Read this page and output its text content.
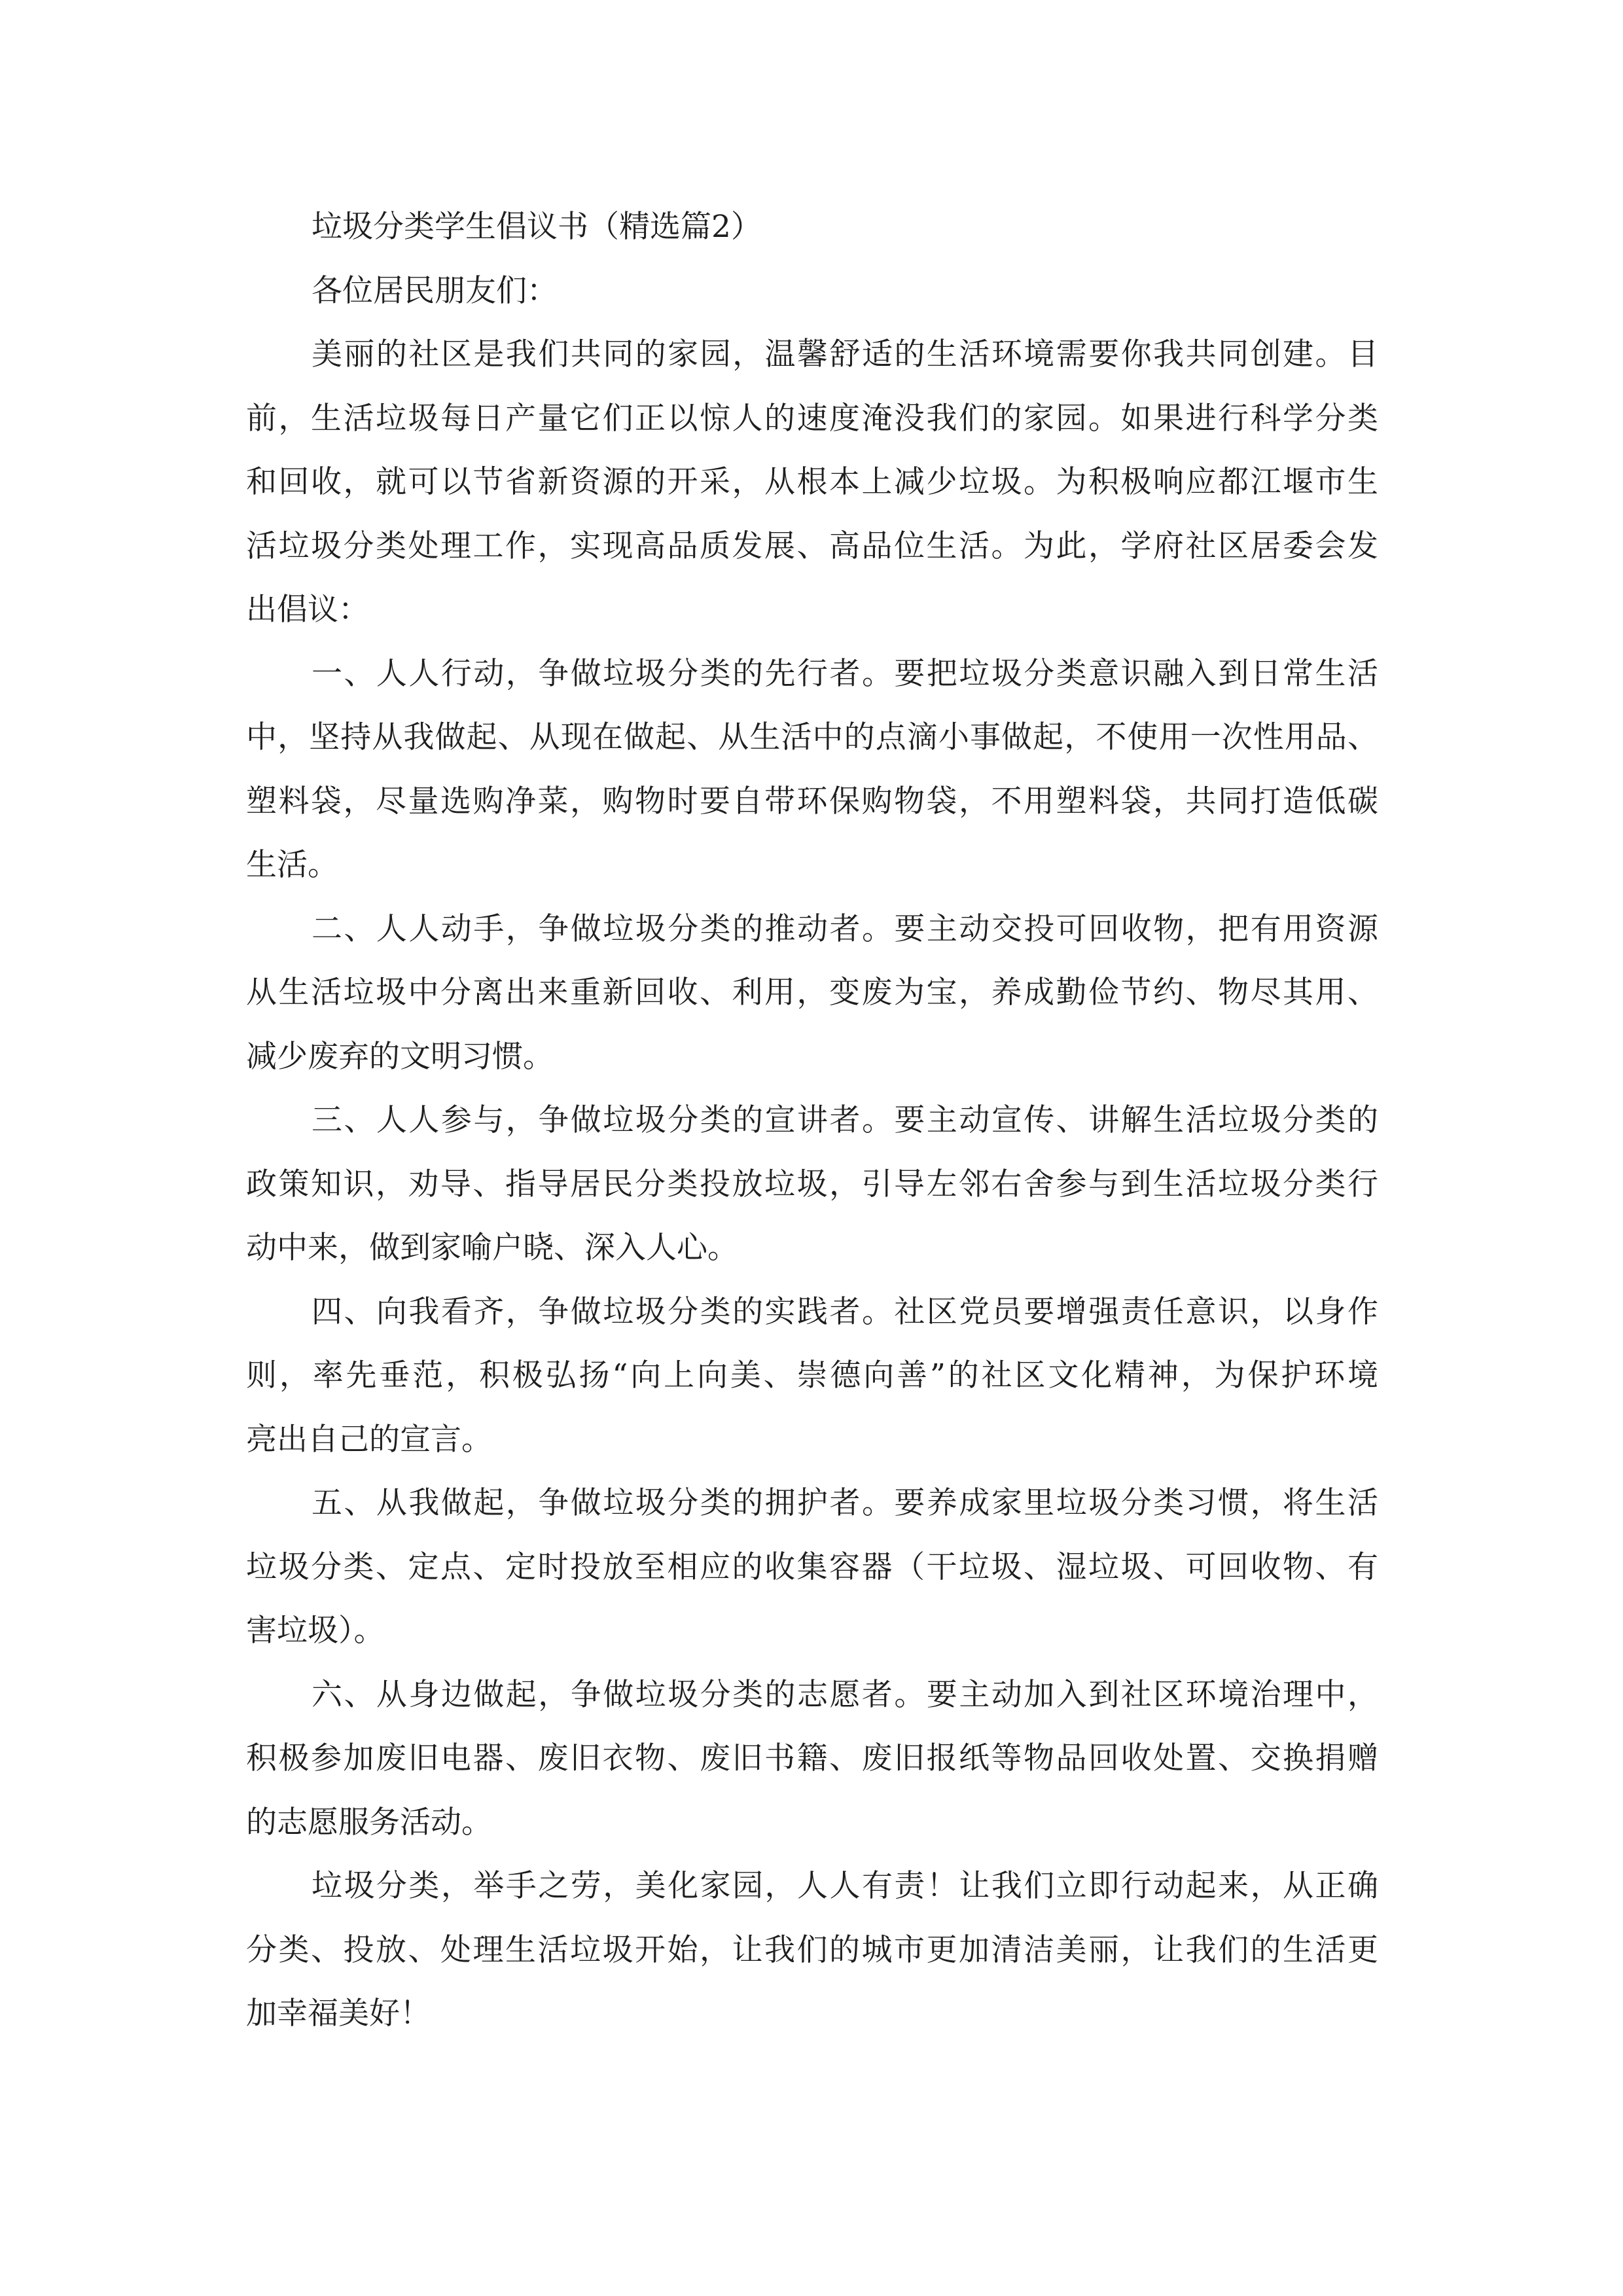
垃圾分类学生倡议书（精选篇2）
各位居民朋友们：
美丽的社区是我们共同的家园，温馨舒适的生活环境需要你我共同创建。目
前，生活垃圾每日产量它们正以惊人的速度淹没我们的家园。如果进行科学分类
和回收，就可以节省新资源的开采，从根本上减少垃圾。为积极响应都江堰市生
活垃圾分类处理工作，实现高品质发展、高品位生活。为此，学府社区居委会发
出倡议：
一、人人行动，争做垃圾分类的先行者。要把垃圾分类意识融入到日常生活
中，坚持从我做起、从现在做起、从生活中的点滴小事做起，不使用一次性用品、
塑料袋，尽量选购净菜，购物时要自带环保购物袋，不用塑料袋，共同打造低碳
生活。
二、人人动手，争做垃圾分类的推动者。要主动交投可回收物，把有用资源
从生活垃圾中分离出来重新回收、利用，变废为宝，养成勤俭节约、物尽其用、
减少废弃的文明习惯。
三、人人参与，争做垃圾分类的宣讲者。要主动宣传、讲解生活垃圾分类的
政策知识，劝导、指导居民分类投放垃圾，引导左邻右舍参与到生活垃圾分类行
动中来，做到家喻户晓、深入人心。
四、向我看齐，争做垃圾分类的实践者。社区党员要增强责任意识，以身作
则，率先垂范，积极弘扬“向上向美、崇德向善”的社区文化精神，为保护环境
亮出自己的宣言。
五、从我做起，争做垃圾分类的拥护者。要养成家里垃圾分类习惯，将生活
垃圾分类、定点、定时投放至相应的收集容器（干垃圾、湿垃圾、可回收物、有
害垃圾）。
六、从身边做起，争做垃圾分类的志愿者。要主动加入到社区环境治理中，
积极参加废旧电器、废旧衣物、废旧书籍、废旧报纸等物品回收处置、交换捐赠
的志愿服务活动。
垃圾分类，举手之劳，美化家园，人人有责！让我们立即行动起来，从正确
分类、投放、处理生活垃圾开始，让我们的城市更加清洁美丽，让我们的生活更
加幸福美好！
